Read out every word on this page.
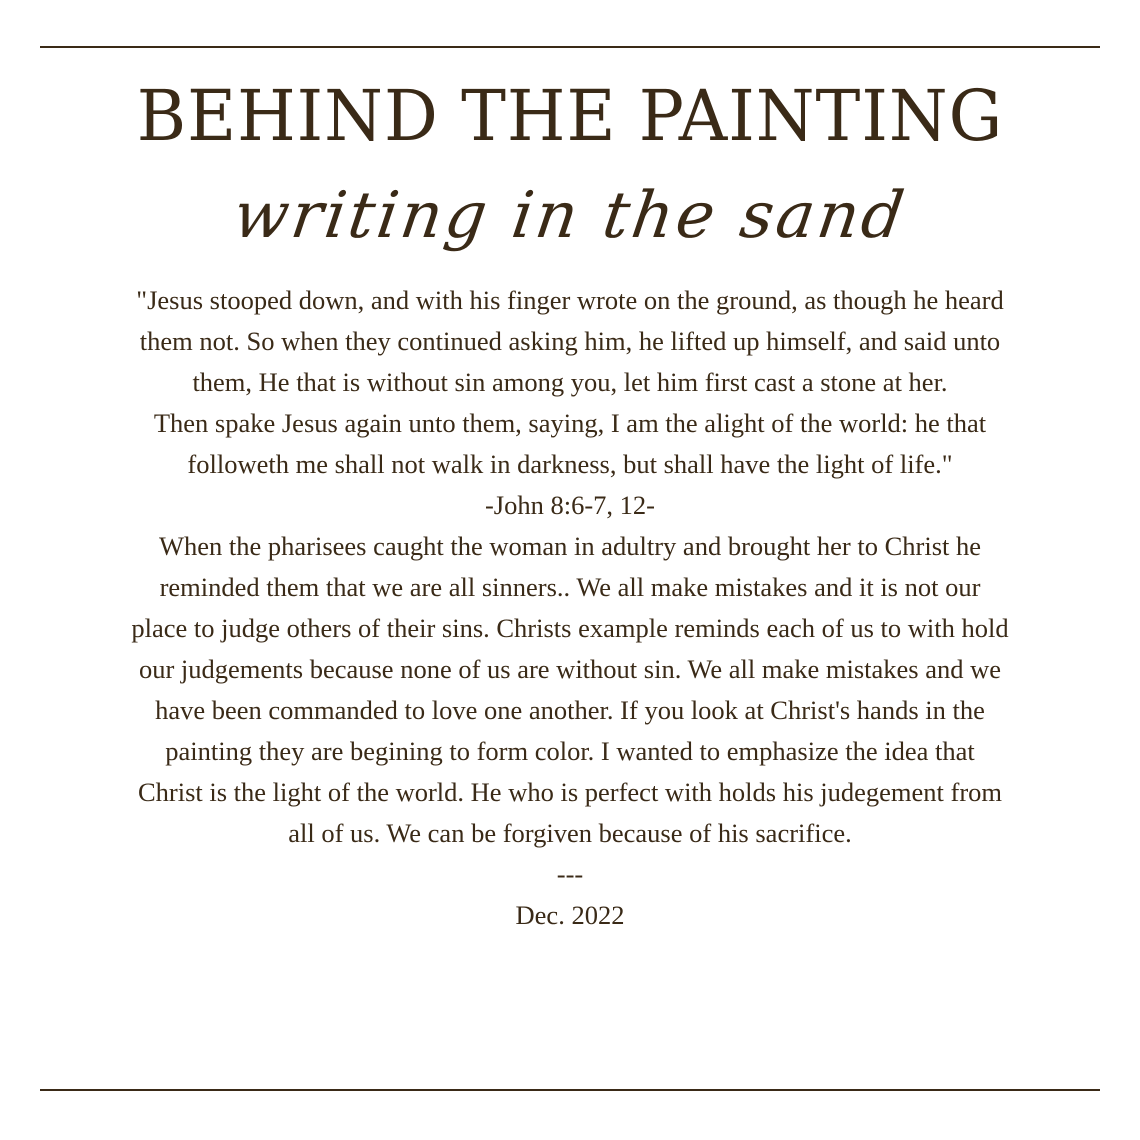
BEHIND THE PAINTING
writing in the sand

"Jesus stooped down, and with his finger wrote on the ground, as though he heard them not. So when they continued asking him, he lifted up himself, and said unto them, He that is without sin among you, let him first cast a stone at her.

Then spake Jesus again unto them, saying, I am the alight of the world: he that followeth me shall not walk in darkness, but shall have the light of life."

-John 8:6-7, 12-

When the pharisees caught the woman in adultry and brought her to Christ he reminded them that we are all sinners.. We all make mistakes and it is not our place to judge others of their sins. Christs example reminds each of us to with hold our judgements because none of us are without sin. We all make mistakes and we have been commanded to love one another. If you look at Christ's hands in the painting they are begining to form color. I wanted to emphasize the idea that Christ is the light of the world. He who is perfect with holds his judegement from all of us. We can be forgiven because of his sacrifice.

---

Dec. 2022
